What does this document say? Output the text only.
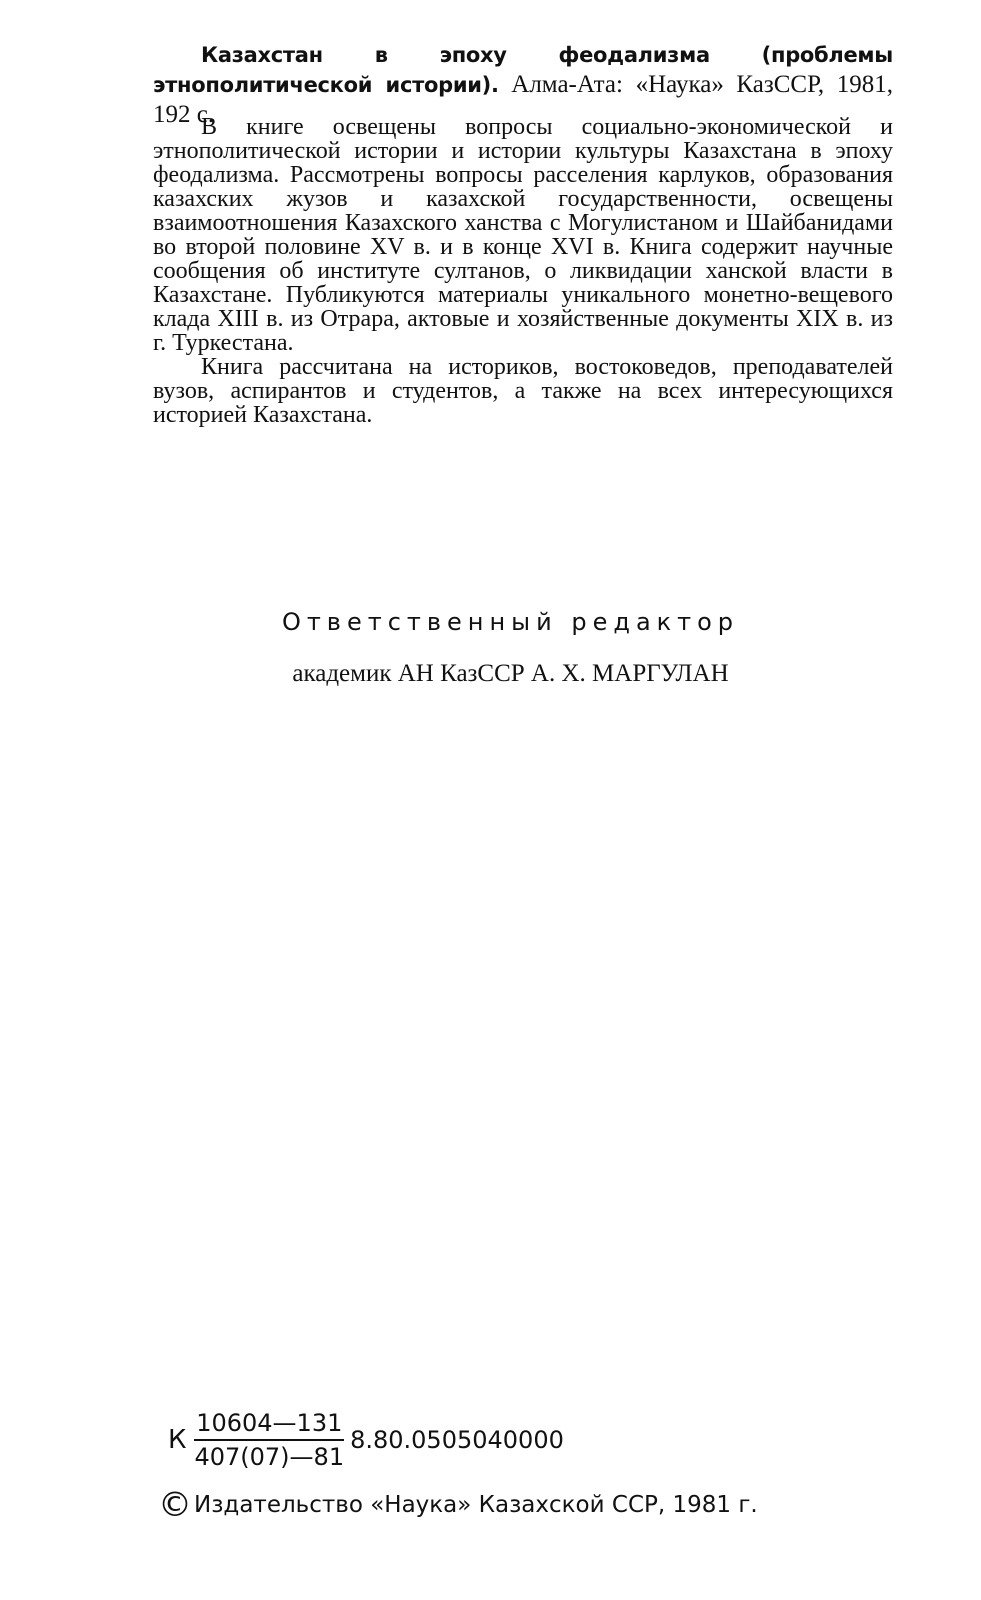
Казахстан в эпоху феодализма (проблемы этнополитической истории). Алма-Ата: «Наука» КазССР, 1981, 192 с.

В книге освещены вопросы социально-экономической и этнополитической истории и истории культуры Казахстана в эпоху феодализма. Рассмотрены вопросы расселения карлуков, образования казахских жузов и казахской государственности, освещены взаимоотношения Казахского ханства с Могулистаном и Шайбанидами во второй половине XV в. и в конце XVI в. Книга содержит научные сообщения об институте султанов, о ликвидации ханской власти в Казахстане. Публикуются материалы уникального монетно-вещевого клада XIII в. из Отрара, актовые и хозяйственные документы XIX в. из г. Туркестана.

Книга рассчитана на историков, востоковедов, преподавателей вузов, аспирантов и студентов, а также на всех интересующихся историей Казахстана.

Ответственный редактор
академик АН КазССР А. Х. МАРГУЛАН
К $\frac{10604—131}{407(07)—81} 8.80.0505040000$
© Издательство «Наука» Казахской ССР, 1981 г.
